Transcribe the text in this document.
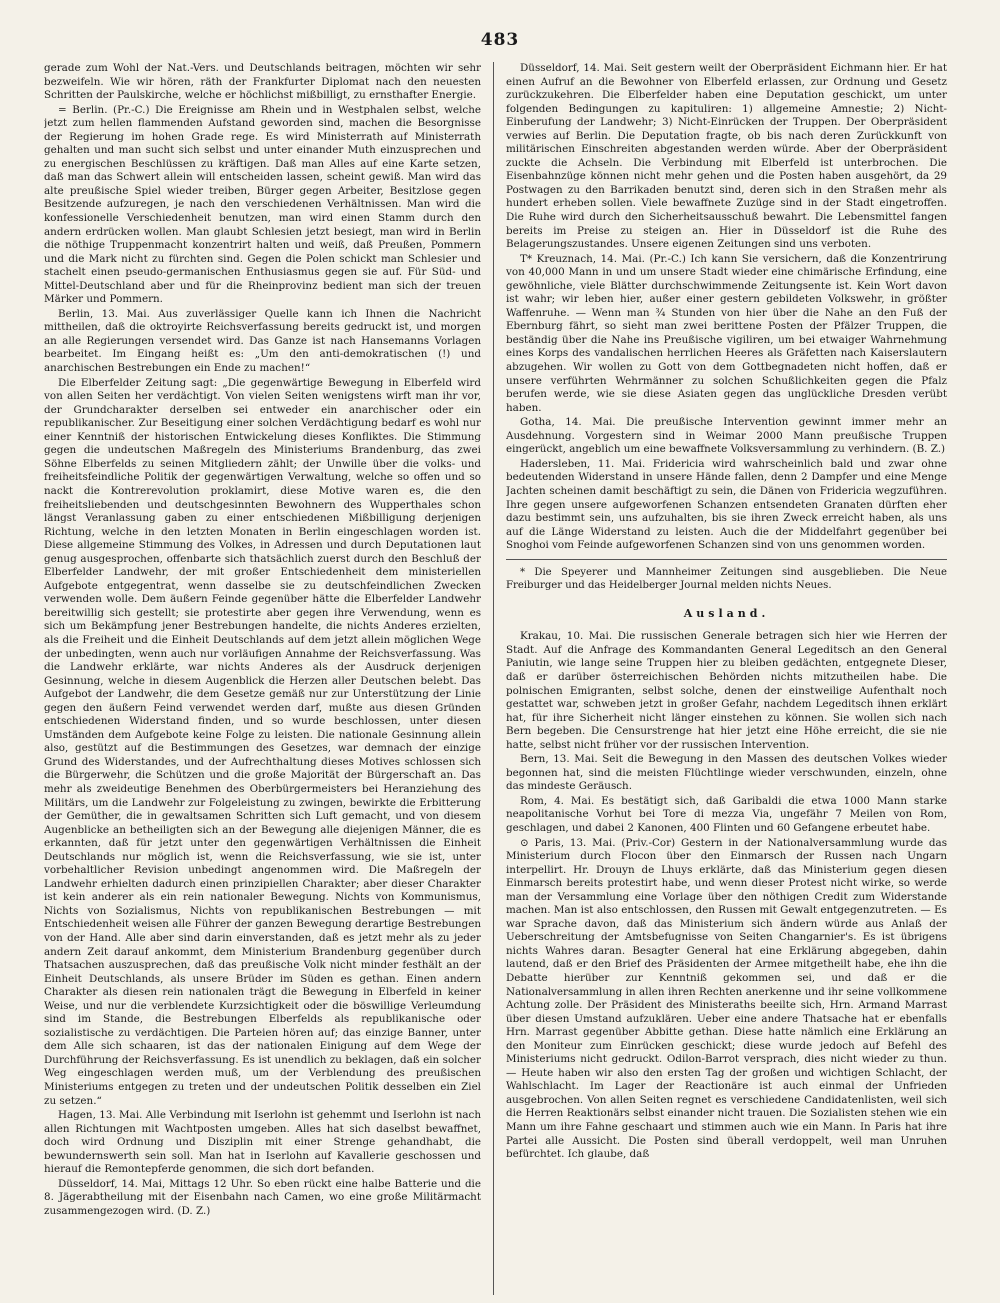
483

gerade zum Wohl der Nat.-Vers. und Deutschlands beitragen, möchten wir sehr bezweifeln. Wie wir hören, räth der Frankfurter Diplomat nach den neuesten Schritten der Paulskirche, welche er höchlichst mißbilligt, zu ernsthafter Energie.

= Berlin. (Pr.-C.) Die Ereignisse am Rhein und in Westphalen selbst, welche jetzt zum hellen flammenden Aufstand geworden sind, machen die Besorgnisse der Regierung im hohen Grade rege. Es wird Ministerrath auf Ministerrath gehalten und man sucht sich selbst und unter einander Muth einzusprechen und zu energischen Beschlüssen zu kräftigen. Daß man Alles auf eine Karte setzen, daß man das Schwert allein will entscheiden lassen, scheint gewiß. Man wird das alte preußische Spiel wieder treiben, Bürger gegen Arbeiter, Besitzlose gegen Besitzende aufzuregen, je nach den verschiedenen Verhältnissen. Man wird die konfessionelle Verschiedenheit benutzen, man wird einen Stamm durch den andern erdrücken wollen. Man glaubt Schlesien jetzt besiegt, man wird in Berlin die nöthige Truppenmacht konzentrirt halten und weiß, daß Preußen, Pommern und die Mark nicht zu fürchten sind. Gegen die Polen schickt man Schlesier und stachelt einen pseudo-germanischen Enthusiasmus gegen sie auf. Für Süd- und Mittel-Deutschland aber und für die Rheinprovinz bedient man sich der treuen Märker und Pommern.

Berlin, 13. Mai. Aus zuverlässiger Quelle kann ich Ihnen die Nachricht mittheilen, daß die oktroyirte Reichsverfassung bereits gedruckt ist, und morgen an alle Regierungen versendet wird. Das Ganze ist nach Hansemanns Vorlagen bearbeitet. Im Eingang heißt es: „Um den anti-demokratischen (!) und anarchischen Bestrebungen ein Ende zu machen!“

Die Elberfelder Zeitung sagt: „Die gegenwärtige Bewegung in Elberfeld wird von allen Seiten her verdächtigt. Von vielen Seiten wenigstens wirft man ihr vor, der Grundcharakter derselben sei entweder ein anarchischer oder ein republikanischer. Zur Beseitigung einer solchen Verdächtigung bedarf es wohl nur einer Kenntniß der historischen Entwickelung dieses Konfliktes. Die Stimmung gegen die undeutschen Maßregeln des Ministeriums Brandenburg, das zwei Söhne Elberfelds zu seinen Mitgliedern zählt; der Unwille über die volks- und freiheitsfeindliche Politik der gegenwärtigen Verwaltung, welche so offen und so nackt die Kontrerevolution proklamirt, diese Motive waren es, die den freiheitsliebenden und deutschgesinnten Bewohnern des Wupperthales schon längst Veranlassung gaben zu einer entschiedenen Mißbilligung derjenigen Richtung, welche in den letzten Monaten in Berlin eingeschlagen worden ist. Diese allgemeine Stimmung des Volkes, in Adressen und durch Deputationen laut genug ausgesprochen, offenbarte sich thatsächlich zuerst durch den Beschluß der Elberfelder Landwehr, der mit großer Entschiedenheit dem ministeriellen Aufgebote entgegentrat, wenn dasselbe sie zu deutschfeindlichen Zwecken verwenden wolle. Dem äußern Feinde gegenüber hätte die Elberfelder Landwehr bereitwillig sich gestellt; sie protestirte aber gegen ihre Verwendung, wenn es sich um Bekämpfung jener Bestrebungen handelte, die nichts Anderes erzielten, als die Freiheit und die Einheit Deutschlands auf dem jetzt allein möglichen Wege der unbedingten, wenn auch nur vorläufigen Annahme der Reichsverfassung. Was die Landwehr erklärte, war nichts Anderes als der Ausdruck derjenigen Gesinnung, welche in diesem Augenblick die Herzen aller Deutschen belebt. Das Aufgebot der Landwehr, die dem Gesetze gemäß nur zur Unterstützung der Linie gegen den äußern Feind verwendet werden darf, mußte aus diesen Gründen entschiedenen Widerstand finden, und so wurde beschlossen, unter diesen Umständen dem Aufgebote keine Folge zu leisten. Die nationale Gesinnung allein also, gestützt auf die Bestimmungen des Gesetzes, war demnach der einzige Grund des Widerstandes, und der Aufrechthaltung dieses Motives schlossen sich die Bürgerwehr, die Schützen und die große Majorität der Bürgerschaft an. Das mehr als zweideutige Benehmen des Oberbürgermeisters bei Heranziehung des Militärs, um die Landwehr zur Folgeleistung zu zwingen, bewirkte die Erbitterung der Gemüther, die in gewaltsamen Schritten sich Luft gemacht, und von diesem Augenblicke an betheiligten sich an der Bewegung alle diejenigen Männer, die es erkannten, daß für jetzt unter den gegenwärtigen Verhältnissen die Einheit Deutschlands nur möglich ist, wenn die Reichsverfassung, wie sie ist, unter vorbehaltlicher Revision unbedingt angenommen wird. Die Maßregeln der Landwehr erhielten dadurch einen prinzipiellen Charakter; aber dieser Charakter ist kein anderer als ein rein nationaler Bewegung. Nichts von Kommunismus, Nichts von Sozialismus, Nichts von republikanischen Bestrebungen — mit Entschiedenheit weisen alle Führer der ganzen Bewegung derartige Bestrebungen von der Hand. Alle aber sind darin einverstanden, daß es jetzt mehr als zu jeder andern Zeit darauf ankommt, dem Ministerium Brandenburg gegenüber durch Thatsachen auszusprechen, daß das preußische Volk nicht minder festhält an der Einheit Deutschlands, als unsere Brüder im Süden es gethan. Einen andern Charakter als diesen rein nationalen trägt die Bewegung in Elberfeld in keiner Weise, und nur die verblendete Kurzsichtigkeit oder die böswillige Verleumdung sind im Stande, die Bestrebungen Elberfelds als republikanische oder sozialistische zu verdächtigen. Die Parteien hören auf; das einzige Banner, unter dem Alle sich schaaren, ist das der nationalen Einigung auf dem Wege der Durchführung der Reichsverfassung. Es ist unendlich zu beklagen, daß ein solcher Weg eingeschlagen werden muß, um der Verblendung des preußischen Ministeriums entgegen zu treten und der undeutschen Politik desselben ein Ziel zu setzen.“

Hagen, 13. Mai. Alle Verbindung mit Iserlohn ist gehemmt und Iserlohn ist nach allen Richtungen mit Wachtposten umgeben. Alles hat sich daselbst bewaffnet, doch wird Ordnung und Disziplin mit einer Strenge gehandhabt, die bewundernswerth sein soll. Man hat in Iserlohn auf Kavallerie geschossen und hierauf die Remontepferde genommen, die sich dort befanden.

Düsseldorf, 14. Mai, Mittags 12 Uhr. So eben rückt eine halbe Batterie und die 8. Jägerabtheilung mit der Eisenbahn nach Camen, wo eine große Militärmacht zusammengezogen wird. (D. Z.)

Düsseldorf, 14. Mai. Seit gestern weilt der Oberpräsident Eichmann hier. Er hat einen Aufruf an die Bewohner von Elberfeld erlassen, zur Ordnung und Gesetz zurückzukehren. Die Elberfelder haben eine Deputation geschickt, um unter folgenden Bedingungen zu kapituliren: 1) allgemeine Amnestie; 2) Nicht-Einberufung der Landwehr; 3) Nicht-Einrücken der Truppen. Der Oberpräsident verwies auf Berlin. Die Deputation fragte, ob bis nach deren Zurückkunft von militärischen Einschreiten abgestanden werden würde. Aber der Oberpräsident zuckte die Achseln. Die Verbindung mit Elberfeld ist unterbrochen. Die Eisenbahnzüge können nicht mehr gehen und die Posten haben ausgehört, da 29 Postwagen zu den Barrikaden benutzt sind, deren sich in den Straßen mehr als hundert erheben sollen. Viele bewaffnete Zuzüge sind in der Stadt eingetroffen. Die Ruhe wird durch den Sicherheitsausschuß bewahrt. Die Lebensmittel fangen bereits im Preise zu steigen an. Hier in Düsseldorf ist die Ruhe des Belagerungszustandes. Unsere eigenen Zeitungen sind uns verboten.

T* Kreuznach, 14. Mai. (Pr.-C.) Ich kann Sie versichern, daß die Konzentrirung von 40,000 Mann in und um unsere Stadt wieder eine chimärische Erfindung, eine gewöhnliche, viele Blätter durchschwimmende Zeitungsente ist. Kein Wort davon ist wahr; wir leben hier, außer einer gestern gebildeten Volkswehr, in größter Waffenruhe. — Wenn man ¾ Stunden von hier über die Nahe an den Fuß der Ebernburg fährt, so sieht man zwei berittene Posten der Pfälzer Truppen, die beständig über die Nahe ins Preußische vigiliren, um bei etwaiger Wahrnehmung eines Korps des vandalischen herrlichen Heeres als Gräfetten nach Kaiserslautern abzugehen. Wir wollen zu Gott von dem Gottbegnadeten nicht hoffen, daß er unsere verführten Wehrmänner zu solchen Schußlichkeiten gegen die Pfalz berufen werde, wie sie diese Asiaten gegen das unglückliche Dresden verübt haben.

Gotha, 14. Mai. Die preußische Intervention gewinnt immer mehr an Ausdehnung. Vorgestern sind in Weimar 2000 Mann preußische Truppen eingerückt, angeblich um eine bewaffnete Volksversammlung zu verhindern. (B. Z.)

Hadersleben, 11. Mai. Fridericia wird wahrscheinlich bald und zwar ohne bedeutenden Widerstand in unsere Hände fallen, denn 2 Dampfer und eine Menge Jachten scheinen damit beschäftigt zu sein, die Dänen von Fridericia wegzuführen. Ihre gegen unsere aufgeworfenen Schanzen entsendeten Granaten dürften eher dazu bestimmt sein, uns aufzuhalten, bis sie ihren Zweck erreicht haben, als uns auf die Länge Widerstand zu leisten. Auch die der Middelfahrt gegenüber bei Snoghoi vom Feinde aufgeworfenen Schanzen sind von uns genommen worden.

* Die Speyerer und Mannheimer Zeitungen sind ausgeblieben. Die Neue Freiburger und das Heidelberger Journal melden nichts Neues.

Ausland.

Krakau, 10. Mai. Die russischen Generale betragen sich hier wie Herren der Stadt. Auf die Anfrage des Kommandanten General Legeditsch an den General Paniutin, wie lange seine Truppen hier zu bleiben gedächten, entgegnete Dieser, daß er darüber österreichischen Behörden nichts mitzutheilen habe. Die polnischen Emigranten, selbst solche, denen der einstweilige Aufenthalt noch gestattet war, schweben jetzt in großer Gefahr, nachdem Legeditsch ihnen erklärt hat, für ihre Sicherheit nicht länger einstehen zu können. Sie wollen sich nach Bern begeben. Die Censurstrenge hat hier jetzt eine Höhe erreicht, die sie nie hatte, selbst nicht früher vor der russischen Intervention.

Bern, 13. Mai. Seit die Bewegung in den Massen des deutschen Volkes wieder begonnen hat, sind die meisten Flüchtlinge wieder verschwunden, einzeln, ohne das mindeste Geräusch.

Rom, 4. Mai. Es bestätigt sich, daß Garibaldi die etwa 1000 Mann starke neapolitanische Vorhut bei Tore di mezza Via, ungefähr 7 Meilen von Rom, geschlagen, und dabei 2 Kanonen, 400 Flinten und 60 Gefangene erbeutet habe.

⊙ Paris, 13. Mai. (Priv.-Cor) Gestern in der Nationalversammlung wurde das Ministerium durch Flocon über den Einmarsch der Russen nach Ungarn interpellirt. Hr. Drouyn de Lhuys erklärte, daß das Ministerium gegen diesen Einmarsch bereits protestirt habe, und wenn dieser Protest nicht wirke, so werde man der Versammlung eine Vorlage über den nöthigen Credit zum Widerstande machen. Man ist also entschlossen, den Russen mit Gewalt entgegenzutreten. — Es war Sprache davon, daß das Ministerium sich ändern würde aus Anlaß der Ueberschreitung der Amtsbefugnisse von Seiten Changarnier's. Es ist übrigens nichts Wahres daran. Besagter General hat eine Erklärung abgegeben, dahin lautend, daß er den Brief des Präsidenten der Armee mitgetheilt habe, ehe ihn die Debatte hierüber zur Kenntniß gekommen sei, und daß er die Nationalversammlung in allen ihren Rechten anerkenne und ihr seine vollkommene Achtung zolle. Der Präsident des Ministeraths beeilte sich, Hrn. Armand Marrast über diesen Umstand aufzuklären. Ueber eine andere Thatsache hat er ebenfalls Hrn. Marrast gegenüber Abbitte gethan. Diese hatte nämlich eine Erklärung an den Moniteur zum Einrücken geschickt; diese wurde jedoch auf Befehl des Ministeriums nicht gedruckt. Odilon-Barrot versprach, dies nicht wieder zu thun. — Heute haben wir also den ersten Tag der großen und wichtigen Schlacht, der Wahlschlacht. Im Lager der Reactionäre ist auch einmal der Unfrieden ausgebrochen. Von allen Seiten regnet es verschiedene Candidatenlisten, weil sich die Herren Reaktionärs selbst einander nicht trauen. Die Sozialisten stehen wie ein Mann um ihre Fahne geschaart und stimmen auch wie ein Mann. In Paris hat ihre Partei alle Aussicht. Die Posten sind überall verdoppelt, weil man Unruhen befürchtet. Ich glaube, daß
